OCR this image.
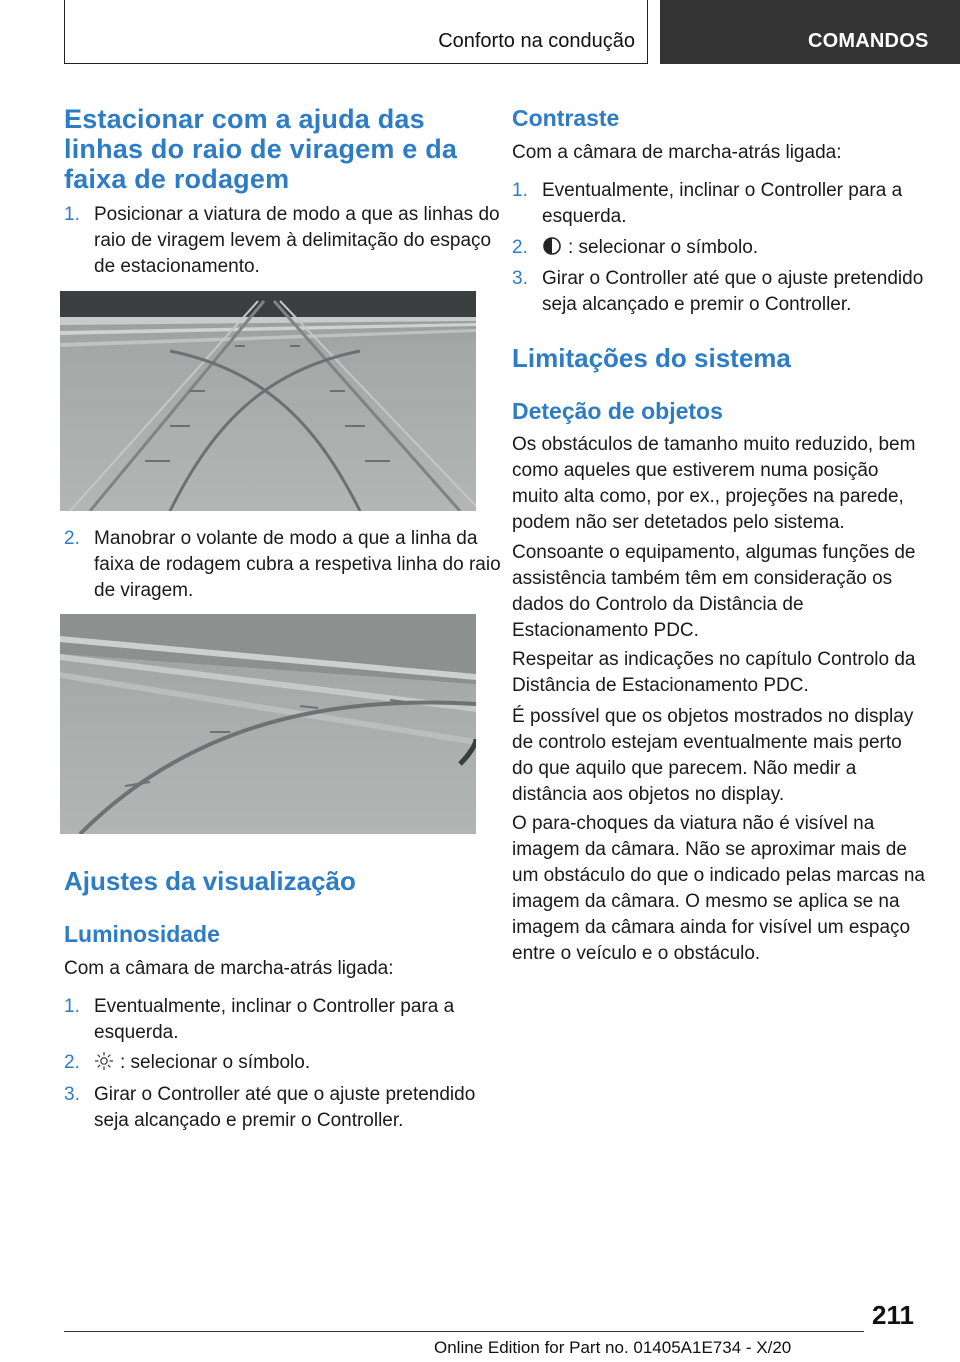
Conforto na condução	COMANDOS
Estacionar com a ajuda das linhas do raio de viragem e da faixa de rodagem
1. Posicionar a viatura de modo a que as linhas do raio de viragem levem à delimitação do espaço de estacionamento.
2. Manobrar o volante de modo a que a linha da faixa de rodagem cubra a respetiva linha do raio de viragem.
Ajustes da visualização
Luminosidade

Com a câmara de marcha-atrás ligada:

1. Eventualmente, inclinar o Controller para a esquerda.
2. : selecionar o símbolo.
3. Girar o Controller até que o ajuste pretendido seja alcançado e premir o Controller.
Contraste

Com a câmara de marcha-atrás ligada:

1. Eventualmente, inclinar o Controller para a esquerda.
2. : selecionar o símbolo.
3. Girar o Controller até que o ajuste pretendido seja alcançado e premir o Controller.
Limitações do sistema
Deteção de objetos

Os obstáculos de tamanho muito reduzido, bem como aqueles que estiverem numa posição muito alta como, por ex., projeções na parede, podem não ser detetados pelo sistema.

Consoante o equipamento, algumas funções de assistência também têm em consideração os dados do Controlo da Distância de Estacionamento PDC.

Respeitar as indicações no capítulo Controlo da Distância de Estacionamento PDC.

É possível que os objetos mostrados no display de controlo estejam eventualmente mais perto do que aquilo que parecem. Não medir a distância aos objetos no display.

O para-choques da viatura não é visível na imagem da câmara. Não se aproximar mais de um obstáculo do que o indicado pelas marcas na imagem da câmara. O mesmo se aplica se na imagem da câmara ainda for visível um espaço entre o veículo e o obstáculo.

211
Online Edition for Part no. 01405A1E734 - X/20
